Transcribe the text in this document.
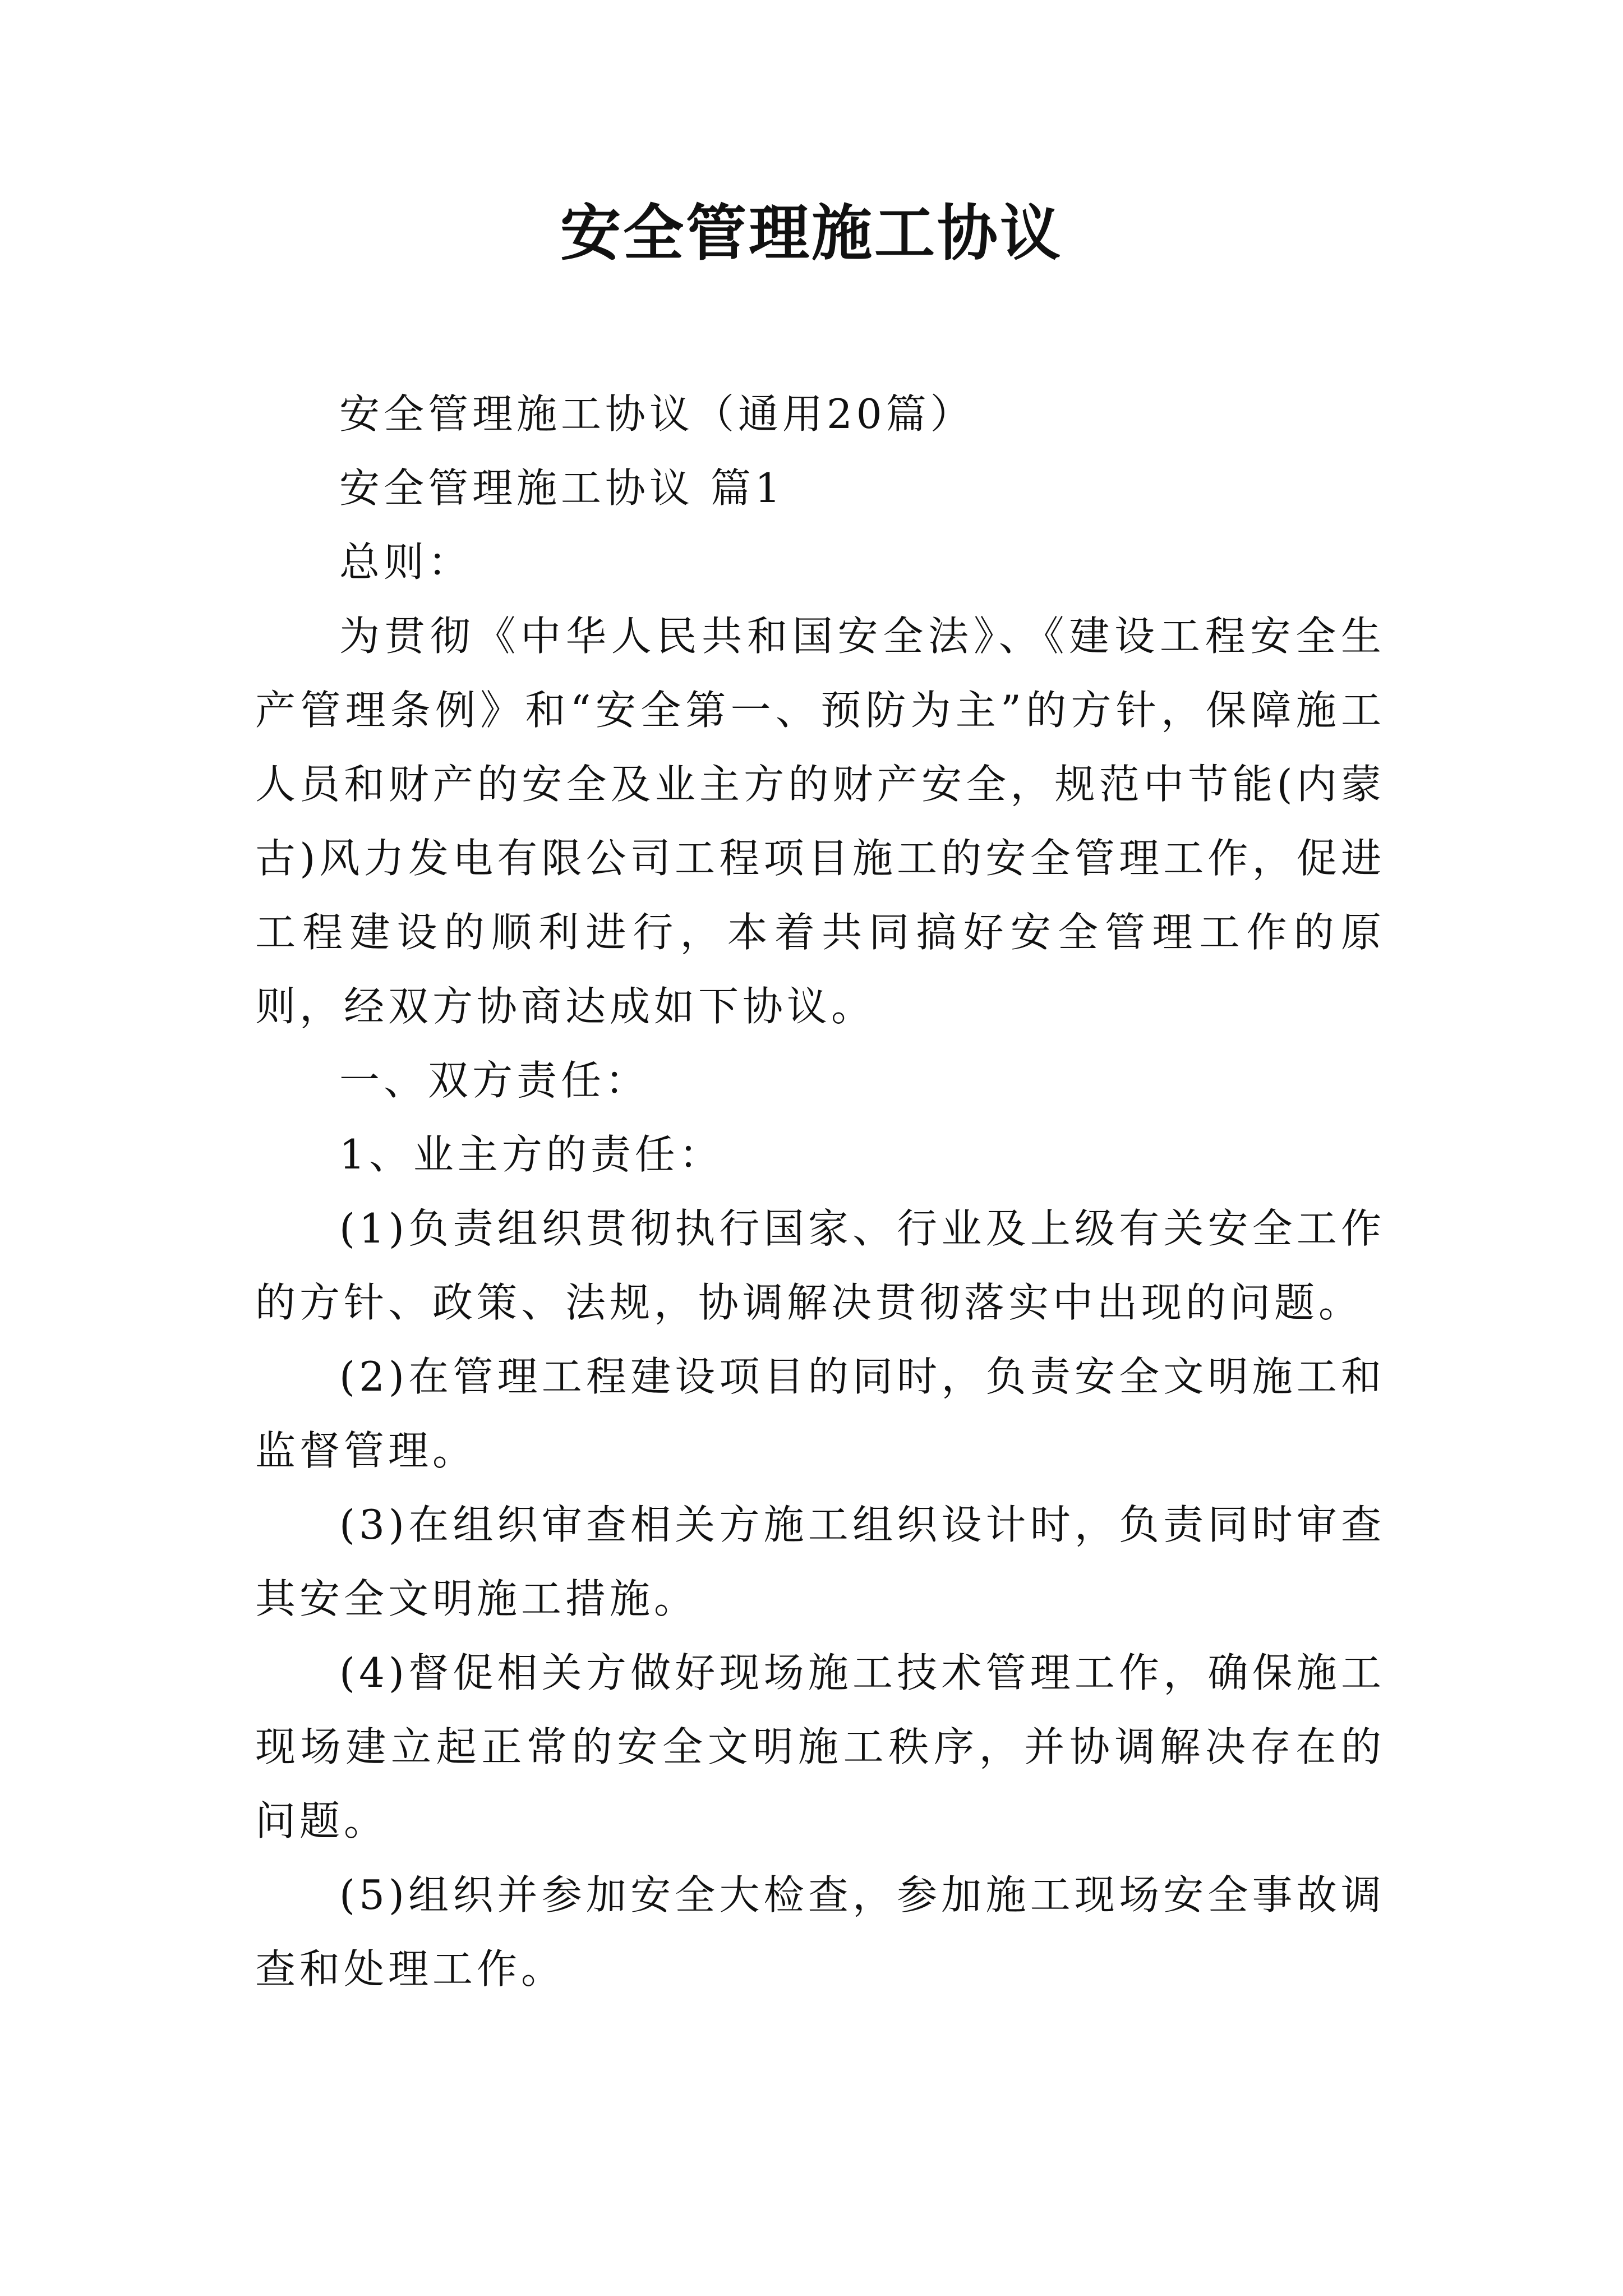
安全管理施工协议

安全管理施工协议（通用20篇）

安全管理施工协议 篇1

总则：

为贯彻《中华人民共和国安全法》、《建设工程安全生产管理条例》和“安全第一、预防为主”的方针，保障施工人员和财产的安全及业主方的财产安全，规范中节能(内蒙古)风力发电有限公司工程项目施工的安全管理工作，促进工程建设的顺利进行，本着共同搞好安全管理工作的原则，经双方协商达成如下协议。

一、双方责任：

1、业主方的责任：

(1)负责组织贯彻执行国家、行业及上级有关安全工作的方针、政策、法规，协调解决贯彻落实中出现的问题。

(2)在管理工程建设项目的同时，负责安全文明施工和监督管理。

(3)在组织审查相关方施工组织设计时，负责同时审查其安全文明施工措施。

(4)督促相关方做好现场施工技术管理工作，确保施工现场建立起正常的安全文明施工秩序，并协调解决存在的问题。

(5)组织并参加安全大检查，参加施工现场安全事故调查和处理工作。
